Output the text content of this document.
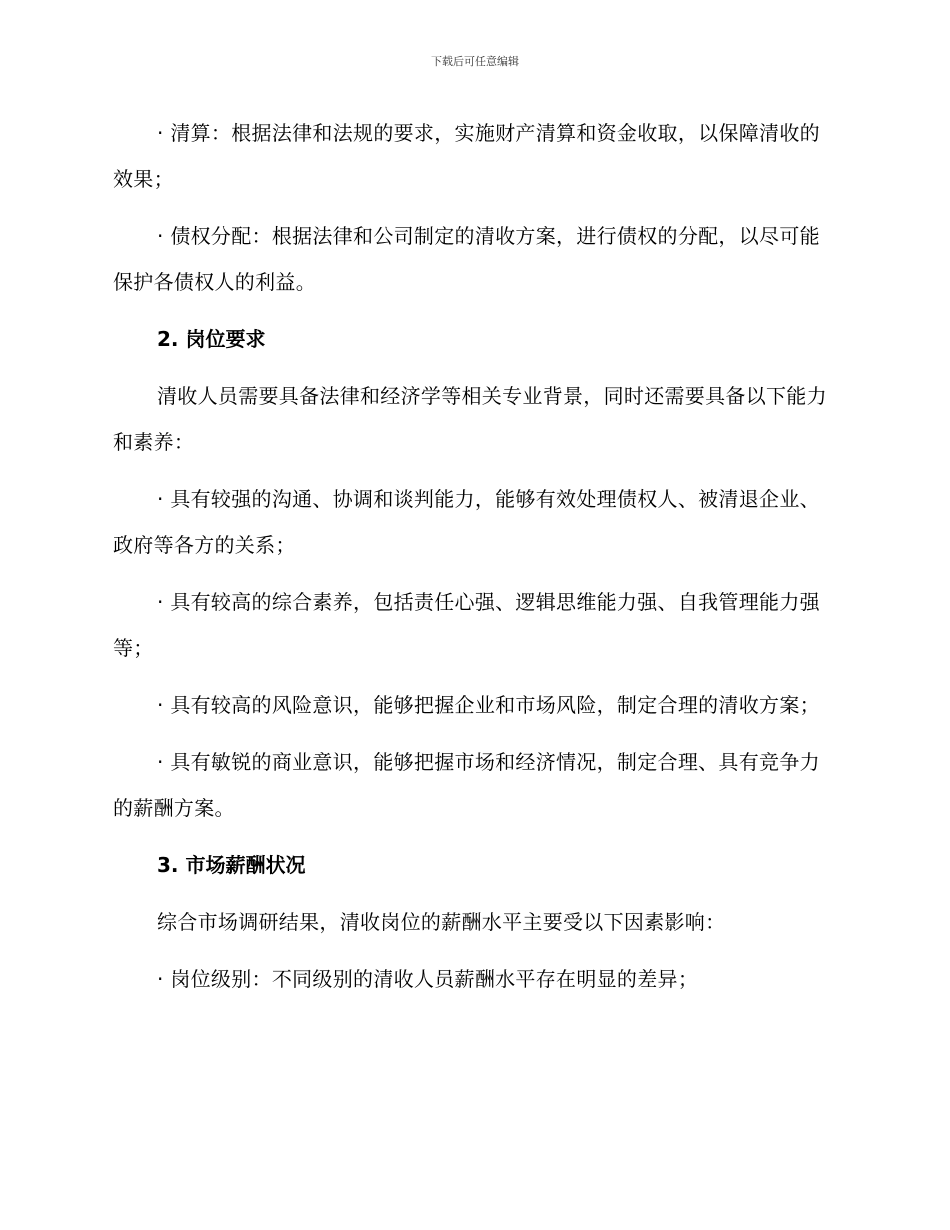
下载后可任意编辑

· 清算：根据法律和法规的要求，实施财产清算和资金收取，以保障清收的效果；

· 债权分配：根据法律和公司制定的清收方案，进行债权的分配，以尽可能保护各债权人的利益。

2. 岗位要求

清收人员需要具备法律和经济学等相关专业背景，同时还需要具备以下能力和素养：

· 具有较强的沟通、协调和谈判能力，能够有效处理债权人、被清退企业、政府等各方的关系；

· 具有较高的综合素养，包括责任心强、逻辑思维能力强、自我管理能力强等；

· 具有较高的风险意识，能够把握企业和市场风险，制定合理的清收方案；

· 具有敏锐的商业意识，能够把握市场和经济情况，制定合理、具有竞争力的薪酬方案。

3. 市场薪酬状况

综合市场调研结果，清收岗位的薪酬水平主要受以下因素影响：

· 岗位级别：不同级别的清收人员薪酬水平存在明显的差异；
